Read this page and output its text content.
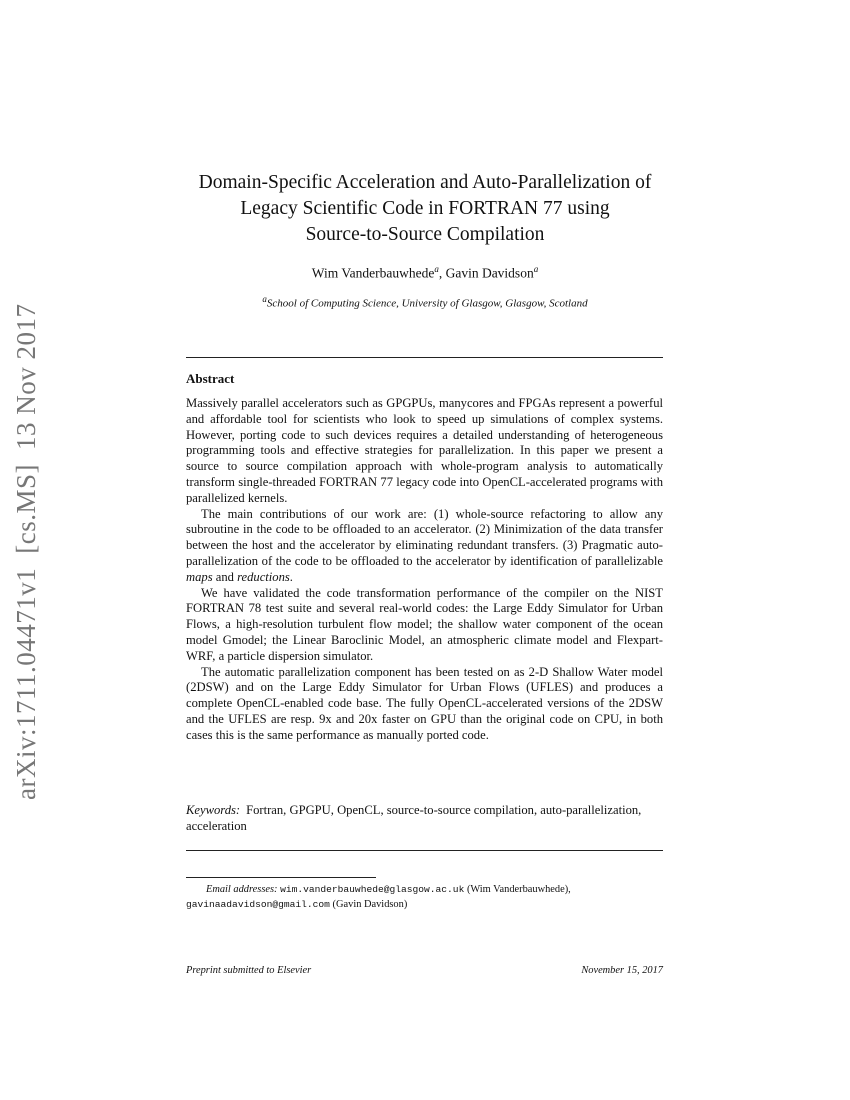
arXiv:1711.04471v1[cs.MS]13 Nov 2017
Domain-Specific Acceleration and Auto-Parallelization of
Legacy Scientific Code in FORTRAN 77 using
Source-to-Source Compilation
Wim Vanderbauwhede$^a$, Gavin Davidson$^a$
$^a$School of Computing Science, University of Glasgow, Glasgow, Scotland
Abstract

Massively parallel accelerators such as GPGPUs, manycores and FPGAs represent a powerful and affordable tool for scientists who look to speed up simulations of complex systems. However, porting code to such devices requires a detailed understanding of heterogeneous programming tools and effective strategies for parallelization. In this paper we present a source to source compilation approach with whole-program analysis to automatically transform single-threaded FORTRAN 77 legacy code into OpenCL-accelerated programs with parallelized kernels.

The main contributions of our work are: (1) whole-source refactoring to allow any subroutine in the code to be offloaded to an accelerator. (2) Minimization of the data transfer between the host and the accelerator by eliminating redundant transfers. (3) Pragmatic auto-parallelization of the code to be offloaded to the accelerator by identification of parallelizable maps and reductions.

We have validated the code transformation performance of the compiler on the NIST FORTRAN 78 test suite and several real-world codes: the Large Eddy Simulator for Urban Flows, a high-resolution turbulent flow model; the shallow water component of the ocean model Gmodel; the Linear Baroclinic Model, an atmospheric climate model and Flexpart-WRF, a particle dispersion simulator.

The automatic parallelization component has been tested on as 2-D Shallow Water model (2DSW) and on the Large Eddy Simulator for Urban Flows (UFLES) and produces a complete OpenCL-enabled code base. The fully OpenCL-accelerated versions of the 2DSW and the UFLES are resp. 9x and 20x faster on GPU than the original code on CPU, in both cases this is the same performance as manually ported code.

Keywords: Fortran, GPGPU, OpenCL, source-to-source compilation, auto-parallelization, acceleration
Email addresses: wim.vanderbauwhede@glasgow.ac.uk (Wim Vanderbauwhede),
gavinaadavidson@gmail.com (Gavin Davidson)
Preprint submitted to Elsevier	November 15, 2017
